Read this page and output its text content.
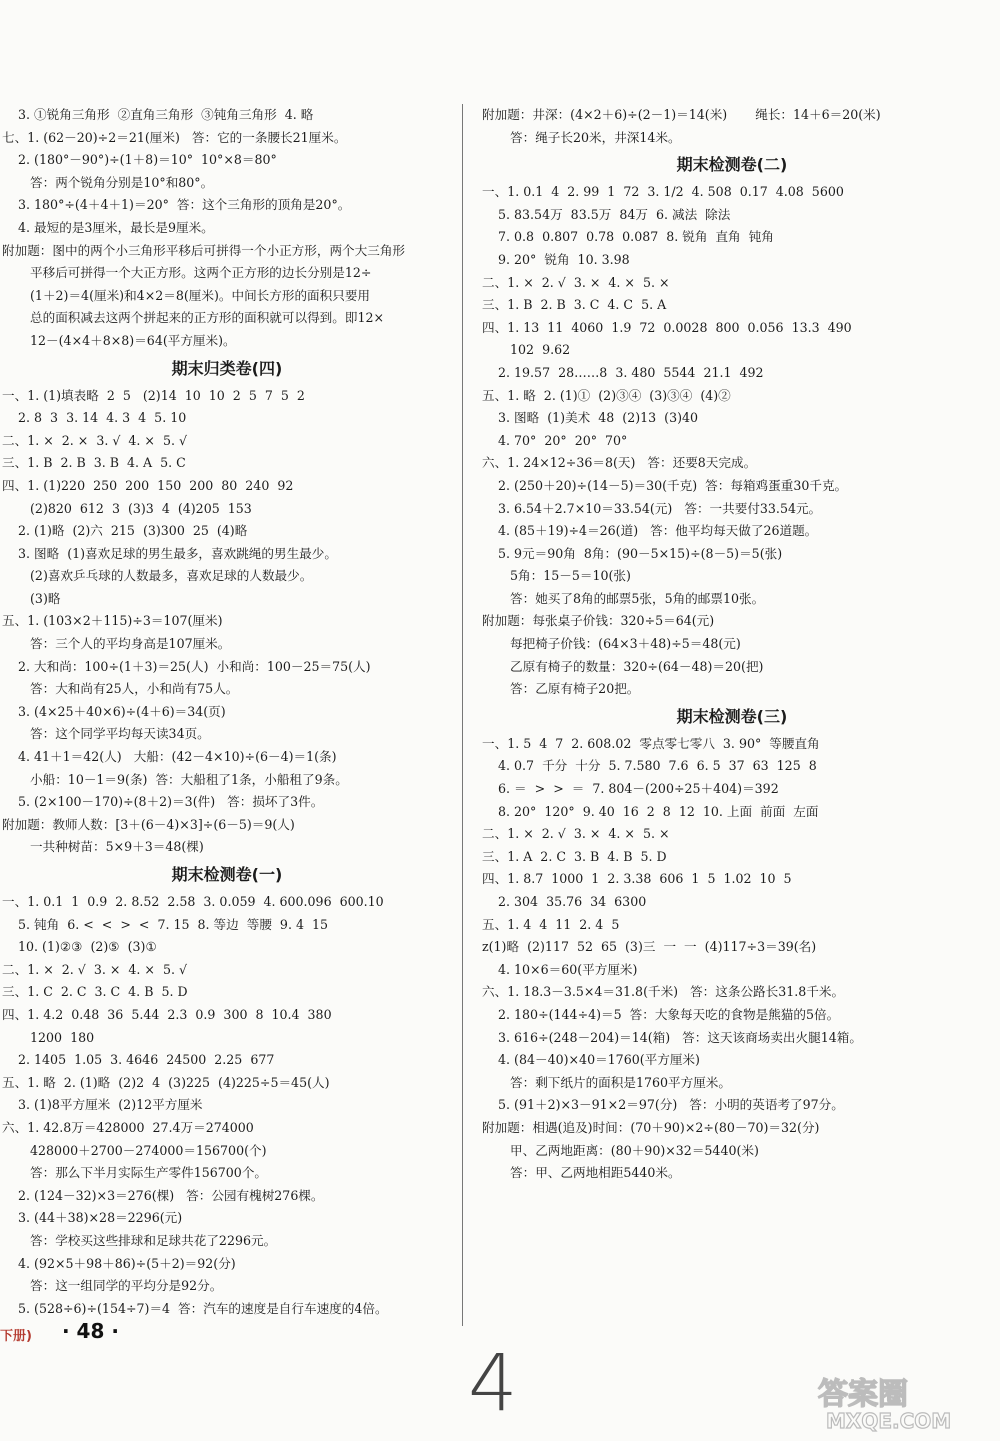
3. ①锐角三角形  ②直角三角形  ③钝角三角形  4. 略
七、1. (62－20)÷2＝21(厘米)   答：它的一条腰长21厘米。
2. (180°－90°)÷(1＋8)＝10°  10°×8＝80°
答：两个锐角分别是10°和80°。
3. 180°÷(4＋4＋1)＝20°  答：这个三角形的顶角是20°。
4. 最短的是3厘米，最长是9厘米。
附加题：图中的两个小三角形平移后可拼得一个小正方形，两个大三角形
平移后可拼得一个大正方形。这两个正方形的边长分别是12÷
(1＋2)＝4(厘米)和4×2＝8(厘米)。中间长方形的面积只要用
总的面积减去这两个拼起来的正方形的面积就可以得到。即12×
12－(4×4＋8×8)＝64(平方厘米)。
期末归类卷(四)
一、1. (1)填表略  2  5   (2)14  10  10  2  5  7  5  2
2. 8  3  3. 14  4. 3  4  5. 10
二、1. ×  2. ×  3. √  4. ×  5. √
三、1. B  2. B  3. B  4. A  5. C
四、1. (1)220  250  200  150  200  80  240  92
(2)820  612  3  (3)3  4  (4)205  153
2. (1)略  (2)六  215  (3)300  25  (4)略
3. 图略  (1)喜欢足球的男生最多，喜欢跳绳的男生最少。
(2)喜欢乒乓球的人数最多，喜欢足球的人数最少。
(3)略
五、1. (103×2＋115)÷3＝107(厘米)
答：三个人的平均身高是107厘米。
2. 大和尚：100÷(1＋3)＝25(人)  小和尚：100－25＝75(人)
答：大和尚有25人，小和尚有75人。
3. (4×25＋40×6)÷(4＋6)＝34(页)
答：这个同学平均每天读34页。
4. 41＋1＝42(人)   大船：(42－4×10)÷(6－4)＝1(条)
小船：10－1＝9(条)  答：大船租了1条，小船租了9条。
5. (2×100－170)÷(8＋2)＝3(件)   答：损坏了3件。
附加题：教师人数：[3＋(6－4)×3]÷(6－5)＝9(人)
一共种树苗：5×9＋3＝48(棵)
期末检测卷(一)
一、1. 0.1  1  0.9  2. 8.52  2.58  3. 0.059  4. 600.096  600.10
5. 钝角  6. <  <  >  <  7. 15  8. 等边  等腰  9. 4  15
10. (1)②③  (2)⑤  (3)①
二、1. ×  2. √  3. ×  4. ×  5. √
三、1. C  2. C  3. C  4. B  5. D
四、1. 4.2  0.48  36  5.44  2.3  0.9  300  8  10.4  380
1200  180
2. 1405  1.05  3. 4646  24500  2.25  677
五、1. 略  2. (1)略  (2)2  4  (3)225  (4)225÷5＝45(人)
3. (1)8平方厘米  (2)12平方厘米
六、1. 42.8万＝428000  27.4万＝274000
428000＋2700－274000＝156700(个)
答：那么下半月实际生产零件156700个。
2. (124－32)×3＝276(棵)   答：公园有槐树276棵。
3. (44＋38)×28＝2296(元)
答：学校买这些排球和足球共花了2296元。
4. (92×5＋98＋86)÷(5＋2)＝92(分)
答：这一组同学的平均分是92分。
5. (528÷6)÷(154÷7)＝4  答：汽车的速度是自行车速度的4倍。
附加题：井深：(4×2＋6)÷(2－1)＝14(米)       绳长：14＋6＝20(米)
答：绳子长20米，井深14米。
期末检测卷(二)
一、1. 0.1  4  2. 99  1  72  3. 1/2  4. 508  0.17  4.08  5600
5. 83.54万  83.5万  84万  6. 减法  除法
7. 0.8  0.807  0.78  0.087  8. 锐角  直角  钝角
9. 20°  锐角  10. 3.98
二、1. ×  2. √  3. ×  4. ×  5. ×
三、1. B  2. B  3. C  4. C  5. A
四、1. 13  11  4060  1.9  72  0.0028  800  0.056  13.3  490
102  9.62
2. 19.57  28……8  3. 480  5544  21.1  492
五、1. 略  2. (1)①  (2)③④  (3)③④  (4)②
3. 图略  (1)美术  48  (2)13  (3)40
4. 70°  20°  20°  70°
六、1. 24×12÷36＝8(天)   答：还要8天完成。
2. (250＋20)÷(14－5)＝30(千克)  答：每箱鸡蛋重30千克。
3. 6.54＋2.7×10＝33.54(元)   答：一共要付33.54元。
4. (85＋19)÷4＝26(道)   答：他平均每天做了26道题。
5. 9元＝90角  8角：(90－5×15)÷(8－5)＝5(张)
5角：15－5＝10(张)
答：她买了8角的邮票5张，5角的邮票10张。
附加题：每张桌子价钱：320÷5＝64(元)
每把椅子价钱：(64×3＋48)÷5＝48(元)
乙原有椅子的数量：320÷(64－48)＝20(把)
答：乙原有椅子20把。
期末检测卷(三)
一、1. 5  4  7  2. 608.02  零点零七零八  3. 90°  等腰直角
4. 0.7  千分  十分  5. 7.580  7.6  6. 5  37  63  125  8
6. ＝  >  >  ＝  7. 804－(200÷25＋404)＝392
8. 20°  120°  9. 40  16  2  8  12  10. 上面  前面  左面
二、1. ×  2. √  3. ×  4. ×  5. ×
三、1. A  2. C  3. B  4. B  5. D
四、1. 8.7  1000  1  2. 3.38  606  1  5  1.02  10  5
2. 304  35.76  34  6300
五、1. 4  4  11  2. 4  5
z(1)略  (2)117  52  65  (3)三  一  一  (4)117÷3＝39(名)
4. 10×6＝60(平方厘米)
六、1. 18.3－3.5×4＝31.8(千米)   答：这条公路长31.8千米。
2. 180÷(144÷4)＝5  答：大象每天吃的食物是熊猫的5倍。
3. 616÷(248－204)＝14(箱)   答：这天该商场卖出火腿14箱。
4. (84－40)×40＝1760(平方厘米)
答：剩下纸片的面积是1760平方厘米。
5. (91＋2)×3－91×2＝97(分)   答：小明的英语考了97分。
附加题：相遇(追及)时间：(70＋90)×2÷(80－70)＝32(分)
甲、乙两地距离：(80＋90)×32＝5440(米)
答：甲、乙两地相距5440米。
下册) · 48 ·
4	答案圈
MXQE.COM
